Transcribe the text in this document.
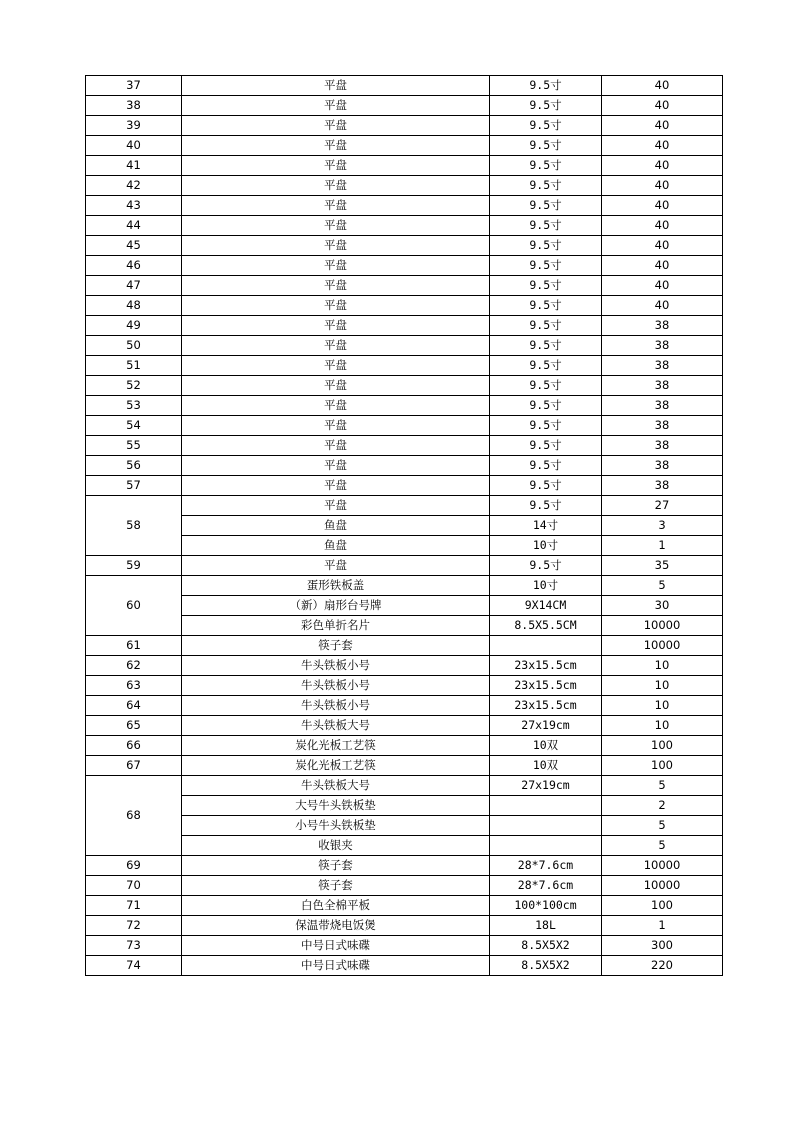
37	平盘	9.5寸	40
38	平盘	9.5寸	40
39	平盘	9.5寸	40
40	平盘	9.5寸	40
41	平盘	9.5寸	40
42	平盘	9.5寸	40
43	平盘	9.5寸	40
44	平盘	9.5寸	40
45	平盘	9.5寸	40
46	平盘	9.5寸	40
47	平盘	9.5寸	40
48	平盘	9.5寸	40
49	平盘	9.5寸	38
50	平盘	9.5寸	38
51	平盘	9.5寸	38
52	平盘	9.5寸	38
53	平盘	9.5寸	38
54	平盘	9.5寸	38
55	平盘	9.5寸	38
56	平盘	9.5寸	38
57	平盘	9.5寸	38
58	平盘	9.5寸	27
	鱼盘	14寸	3
	鱼盘	10寸	1
59	平盘	9.5寸	35
60	蛋形铁板盖	10寸	5
	（新）扇形台号牌	9X14CM	30
	彩色单折名片	8.5X5.5CM	10000
61	筷子套		10000
62	牛头铁板小号	23x15.5cm	10
63	牛头铁板小号	23x15.5cm	10
64	牛头铁板小号	23x15.5cm	10
65	牛头铁板大号	27x19cm	10
66	炭化光板工艺筷	10双	100
67	炭化光板工艺筷	10双	100
68	牛头铁板大号	27x19cm	5
	大号牛头铁板垫		2
	小号牛头铁板垫		5
	收银夹		5
69	筷子套	28*7.6cm	10000
70	筷子套	28*7.6cm	10000
71	白色全棉平板	100*100cm	100
72	保温带烧电饭煲	18L	1
73	中号日式味碟	8.5X5X2	300
74	中号日式味碟	8.5X5X2	220
